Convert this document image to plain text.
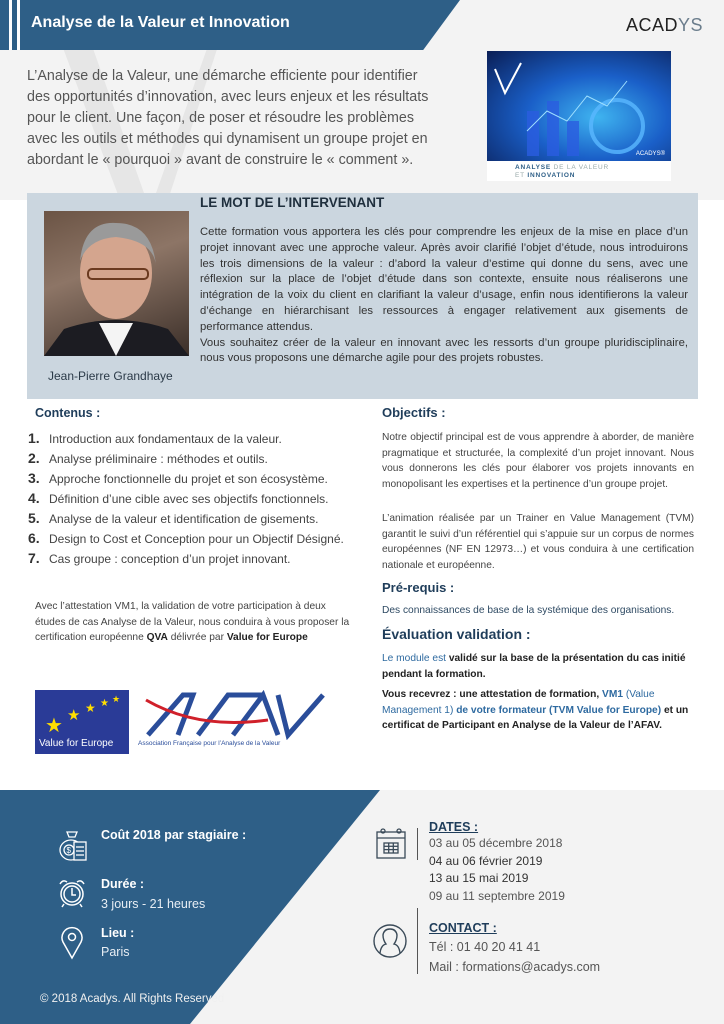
Analyse de la Valeur et Innovation	ACADYS
L’Analyse de la Valeur, une démarche efficiente pour identifier des opportunités d’innovation, avec leurs enjeux et les résultats pour le client. Une façon, de poser et résoudre les problèmes avec les outils et méthodes qui dynamisent un groupe projet en abordant le « pourquoi » avant de construire le « comment ».	ACADYS®
ANALYSE DE LA VALEUR
ET INNOVATION
Jean-Pierre Grandhaye
LE MOT DE L’INTERVENANT

Cette formation vous apportera les clés pour comprendre les enjeux de la mise en place d’un projet innovant avec une approche valeur. Après avoir clarifié l’objet d’étude, nous introduirons les trois dimensions de la valeur : d’abord la valeur d’estime qui donne du sens, avec une réflexion sur la place de l’objet d’étude dans son contexte, ensuite nous réaliserons une intégration de la voix du client en clarifiant la valeur d’usage, enfin nous identifierons la valeur d’échange en hiérarchisant les ressources à engager relativement aux gisements de performance attendus.

Vous souhaitez créer de la valeur en innovant avec les ressorts d’un groupe pluridisciplinaire, nous vous proposons une démarche agile pour des projets robustes.

Contenus :
1. Introduction aux fondamentaux de la valeur.
2. Analyse préliminaire : méthodes et outils.
3. Approche fonctionnelle du projet et son écosystème.
4. Définition d’une cible avec ses objectifs fonctionnels.
5. Analyse de la valeur et identification de gisements.
6. Design to Cost et Conception pour un Objectif Désigné.
7. Cas groupe : conception d’un projet innovant.
Avec l’attestation VM1, la validation de votre participation à deux études de cas Analyse de la Valeur, nous conduira à vous proposer la certification européenne QVA délivrée par Value for Europe
★ ★ ★ ★ ★
Value for Europe	Association Française pour l’Analyse de la Valeur
Objectifs :
Notre objectif principal est de vous apprendre à aborder, de manière pragmatique et structurée, la complexité d’un projet innovant. Nous vous donnerons les clés pour élaborer vos projets innovants en monopolisant les expertises et la pertinence d’un groupe projet.
L’animation réalisée par un Trainer en Value Management (TVM) garantit le suivi d’un référentiel qui s’appuie sur un corpus de normes européennes (NF EN 12973…) et vous conduira à une certification nationale et européenne.
Pré-requis :
Des connaissances de base de la systémique des organisations.
Évaluation validation :
Le module est validé sur la base de la présentation du cas initié pendant la formation.
Vous recevrez : une attestation de formation, VM1 (Value Management 1) de votre formateur (TVM Value for Europe) et un certificat de Participant en Analyse de la Valeur de l’AFAV.
$
Coût 2018 par stagiaire :
Durée :
3 jours - 21 heures
Lieu :
Paris
© 2018 Acadys. All Rights Reserved
DATES :
03 au 05 décembre 2018
04 au 06 février 2019
13 au 15 mai 2019
09 au 11 septembre 2019
CONTACT :
Tél : 01 40 20 41 41
Mail : formations@acadys.com
